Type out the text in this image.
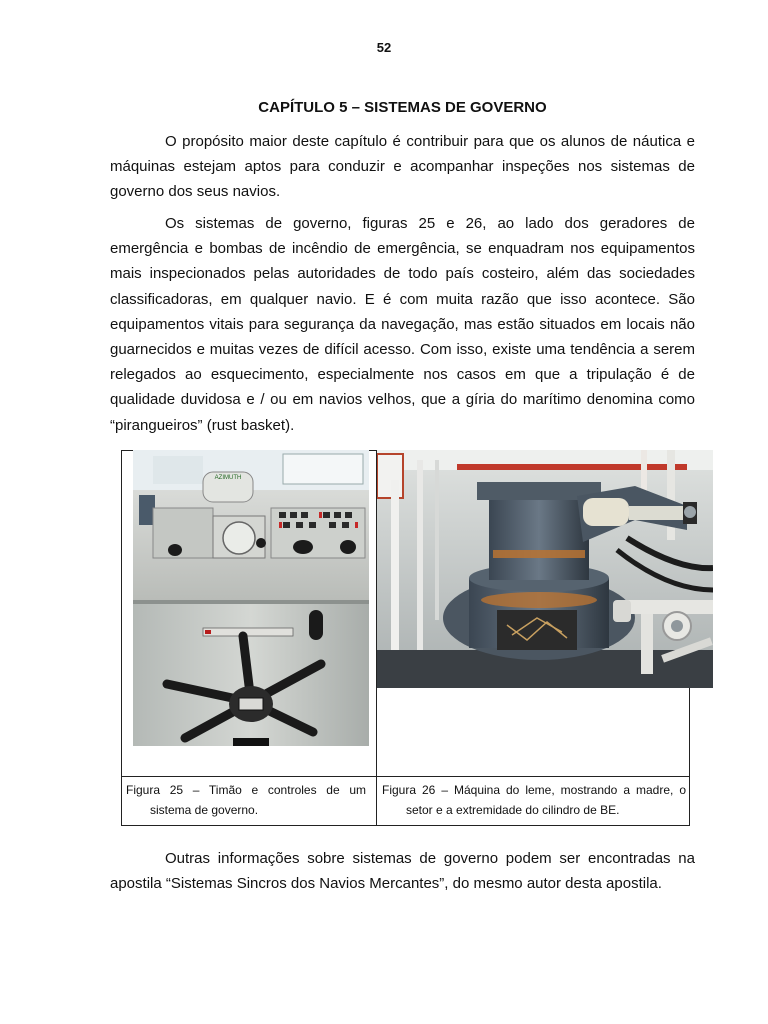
52
CAPÍTULO 5 – SISTEMAS DE GOVERNO

O propósito maior deste capítulo é contribuir para que os alunos de náutica e máquinas estejam aptos para conduzir e acompanhar inspeções nos sistemas de governo dos seus navios.

Os sistemas de governo, figuras 25 e 26, ao lado dos geradores de emergência e bombas de incêndio de emergência, se enquadram nos equipamentos mais inspecionados pelas autoridades de todo país costeiro, além das sociedades classificadoras, em qualquer navio. E é com muita razão que isso acontece. São equipamentos vitais para segurança da navegação, mas estão situados em locais não guarnecidos e muitas vezes de difícil acesso. Com isso, existe uma tendência a serem relegados ao esquecimento, especialmente nos casos em que a tripulação é de qualidade duvidosa e / ou em navios velhos, que a gíria do marítimo denomina como “pirangueiros” (rust basket).

AZIMUTH

Figura 25 – Timão e controles de um
sistema de governo.

Figura 26 – Máquina do leme, mostrando a madre, o
setor e a extremidade do cilindro de BE.

Outras informações sobre sistemas de governo podem ser encontradas na apostila “Sistemas Sincros dos Navios Mercantes”, do mesmo autor desta apostila.
